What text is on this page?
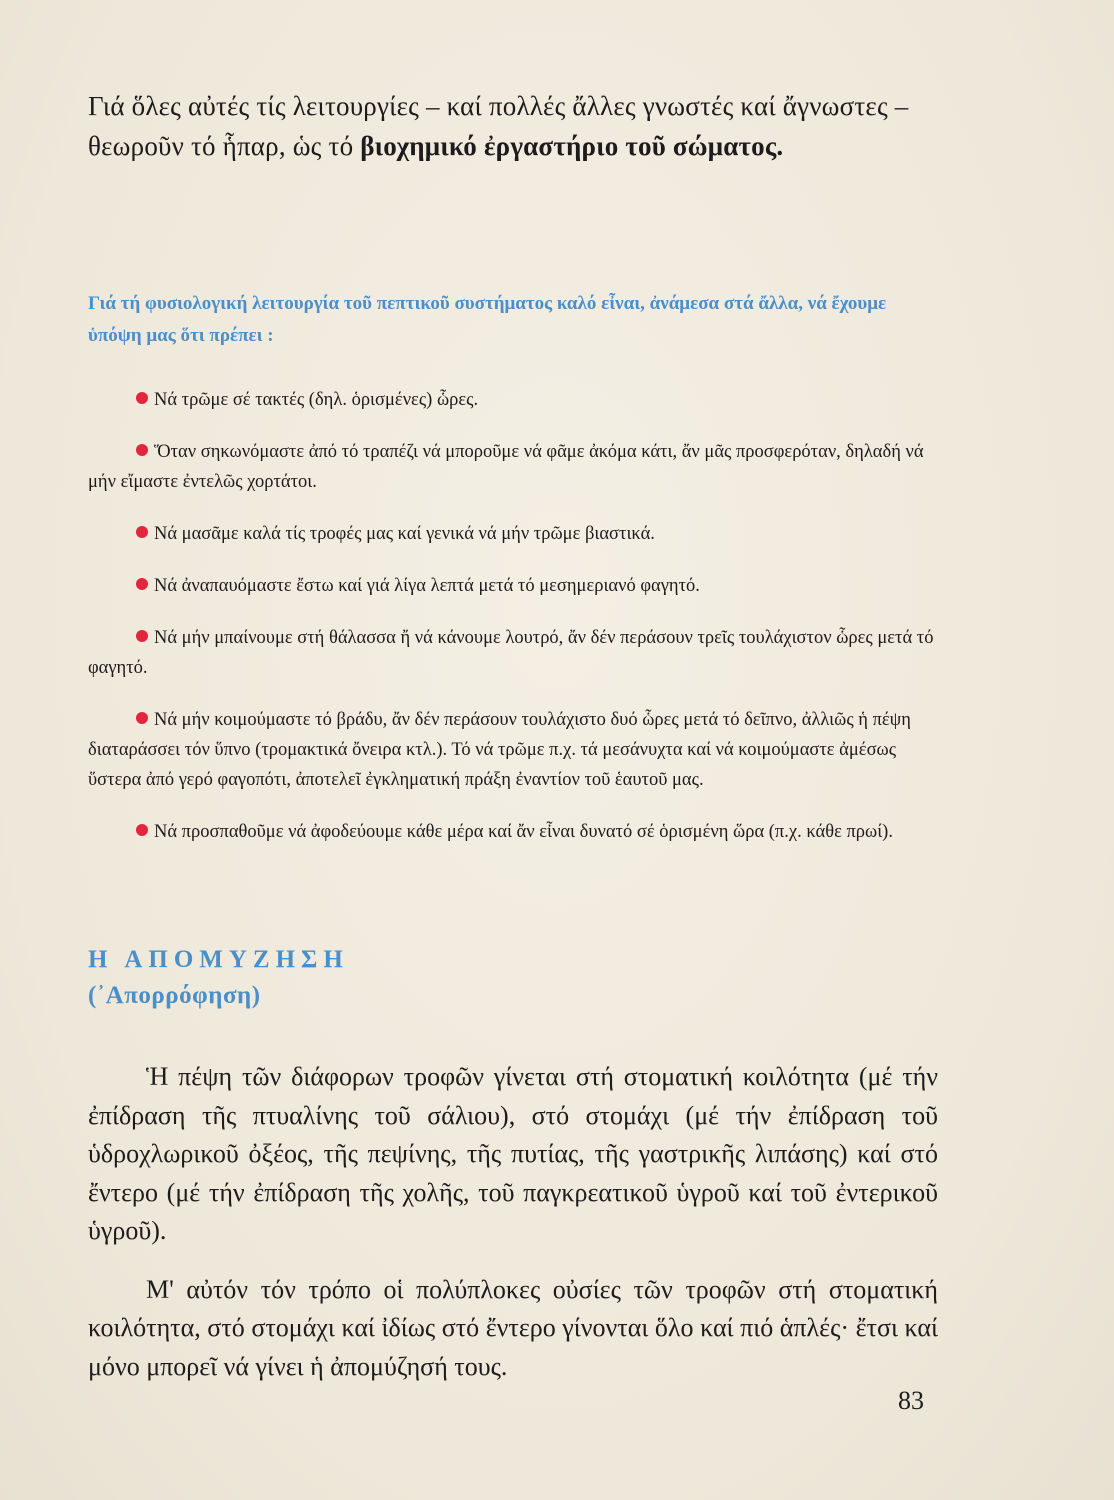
Γιά ὅλες αὐτές τίς λειτουργίες – καί πολλές ἄλλες γνωστές καί ἄγνωστες – θεωροῦν τό ἧπαρ, ὡς τό βιοχημικό ἐργαστήριο τοῦ σώματος.
Γιά τή φυσιολογική λειτουργία τοῦ πεπτικοῦ συστήματος καλό εἶναι, ἀνάμεσα στά ἄλλα, νά ἔχουμε ὑπόψη μας ὅτι πρέπει :
Νά τρῶμε σέ τακτές (δηλ. ὁρισμένες) ὧρες.
Ὅταν σηκωνόμαστε ἀπό τό τραπέζι νά μποροῦμε νά φᾶμε ἀκόμα κάτι, ἄν μᾶς προσφερόταν, δηλαδή νά μήν εἴμαστε ἐντελῶς χορτάτοι.
Νά μασᾶμε καλά τίς τροφές μας καί γενικά νά μήν τρῶμε βιαστικά.
Νά ἀναπαυόμαστε ἔστω καί γιά λίγα λεπτά μετά τό μεσημεριανό φαγητό.
Νά μήν μπαίνουμε στή θάλασσα ἤ νά κάνουμε λουτρό, ἄν δέν περάσουν τρεῖς τουλάχιστον ὧρες μετά τό φαγητό.
Νά μήν κοιμούμαστε τό βράδυ, ἄν δέν περάσουν τουλάχιστο δυό ὧρες μετά τό δεῖπνο, ἀλλιῶς ἡ πέψη διαταράσσει τόν ὕπνο (τρομακτικά ὄνειρα κτλ.). Τό νά τρῶμε π.χ. τά μεσάνυχτα καί νά κοιμούμαστε ἀμέσως ὕστερα ἀπό γερό φαγοπότι, ἀποτελεῖ ἐγκληματική πράξη ἐναντίον τοῦ ἑαυτοῦ μας.
Νά προσπαθοῦμε νά ἀφοδεύουμε κάθε μέρα καί ἄν εἶναι δυνατό σέ ὁρισμένη ὥρα (π.χ. κάθε πρωί).
Η ΑΠΟΜΥΖΗΣΗ
(᾿Απορρόφηση)

Ἡ πέψη τῶν διάφορων τροφῶν γίνεται στή στοματική κοιλότητα (μέ τήν ἐπίδραση τῆς πτυαλίνης τοῦ σάλιου), στό στομάχι (μέ τήν ἐπίδραση τοῦ ὑδροχλωρικοῦ ὀξέος, τῆς πεψίνης, τῆς πυτίας, τῆς γαστρικῆς λιπάσης) καί στό ἔντερο (μέ τήν ἐπίδραση τῆς χολῆς, τοῦ παγκρεατικοῦ ὑγροῦ καί τοῦ ἐντερικοῦ ὑγροῦ).

Μ' αὐτόν τόν τρόπο οἱ πολύπλοκες οὐσίες τῶν τροφῶν στή στοματική κοιλότητα, στό στομάχι καί ἰδίως στό ἔντερο γίνονται ὅλο καί πιό ἁπλές· ἔτσι καί μόνο μπορεῖ νά γίνει ἡ ἀπομύζησή τους.

83
